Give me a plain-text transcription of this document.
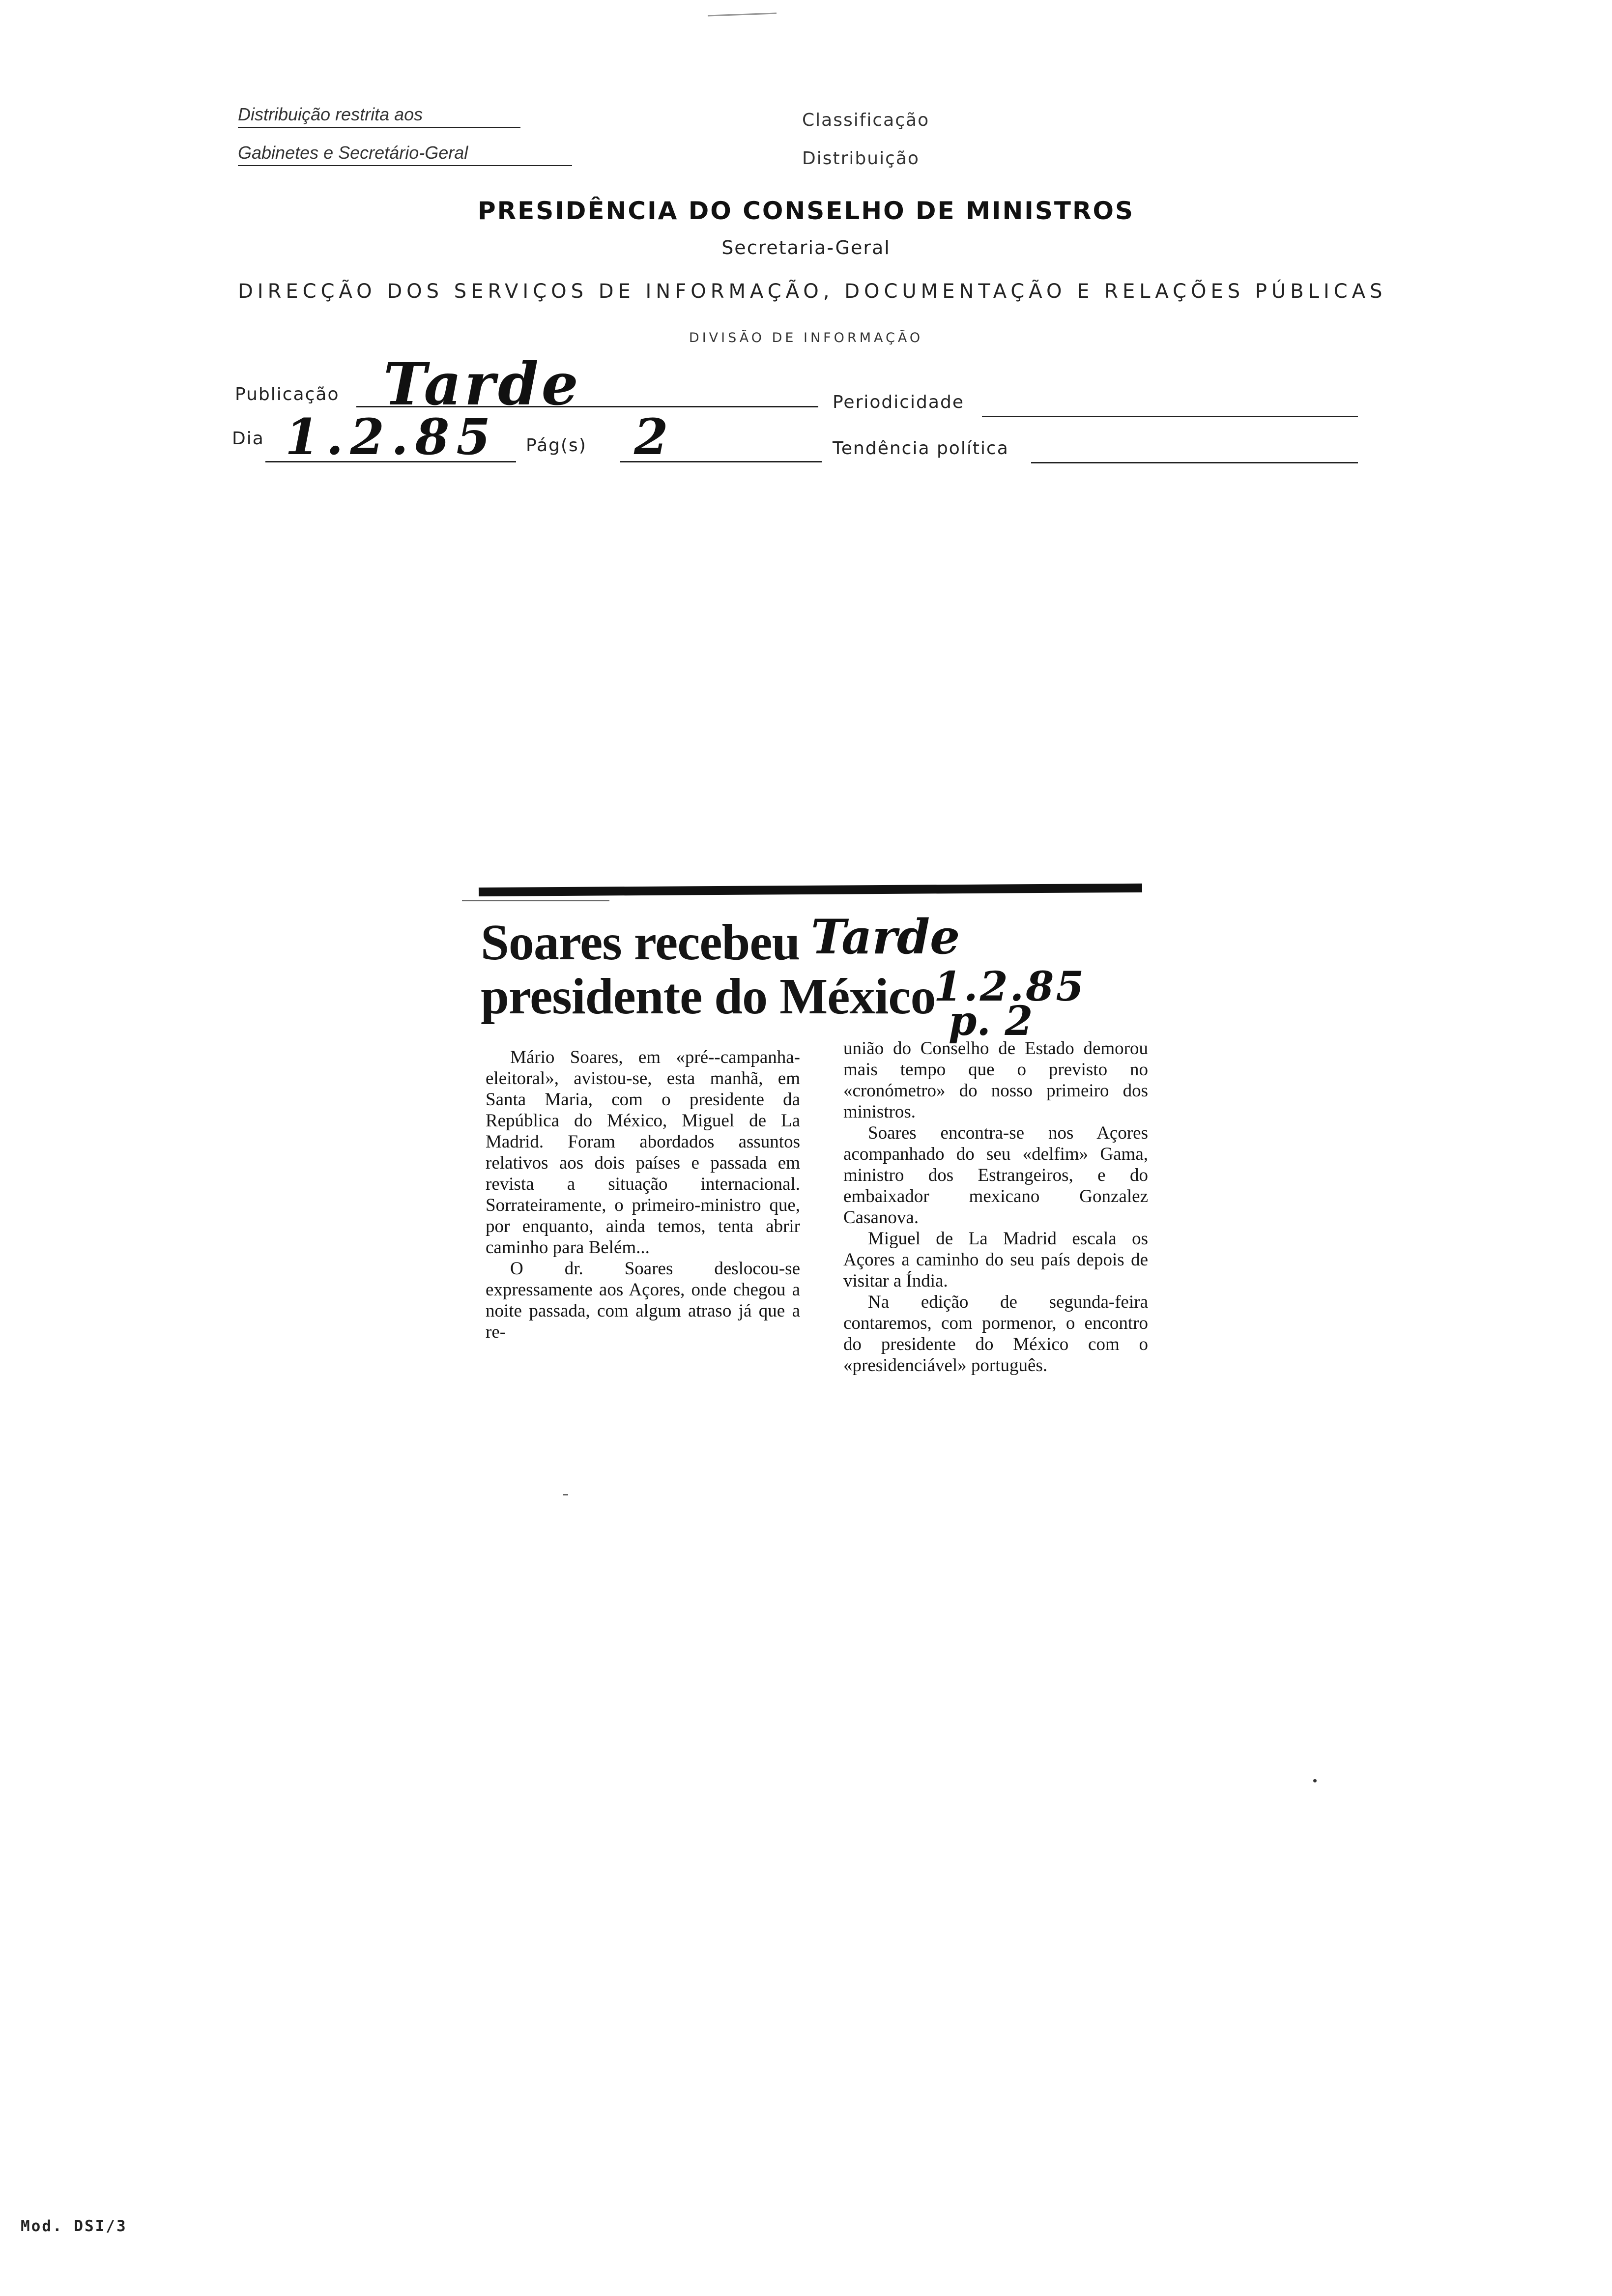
Distribuição restrita aos
Gabinetes e Secretário-Geral
Classificação
Distribuição
PRESIDÊNCIA DO CONSELHO DE MINISTROS
Secretaria-Geral
DIRECÇÃO DOS SERVIÇOS DE INFORMAÇÃO, DOCUMENTAÇÃO E RELAÇÕES PÚBLICAS
DIVISÃO DE INFORMAÇÃO
Publicação Tarde	Periodicidade
Dia 1.2.85 Pág(s) 2	Tendência política
Soares recebeu
presidente do México
Tarde
1.2.85
p. 2

Mário Soares, em «pré--campanha-eleitoral», avistou-se, esta manhã, em Santa Maria, com o presidente da República do México, Miguel de La Madrid. Foram abordados assuntos relativos aos dois países e passada em revista a situação internacional. Sorrateiramente, o primeiro-ministro que, por enquanto, ainda temos, tenta abrir caminho para Belém...

O dr. Soares deslocou-se expressamente aos Açores, onde chegou a noite passada, com algum atraso já que a re-

união do Conselho de Estado demorou mais tempo que o previsto no «cronómetro» do nosso primeiro dos ministros.

Soares encontra-se nos Açores acompanhado do seu «delfim» Gama, ministro dos Estrangeiros, e do embaixador mexicano Gonzalez Casanova.

Miguel de La Madrid escala os Açores a caminho do seu país depois de visitar a Índia.

Na edição de segunda-feira contaremos, com pormenor, o encontro do presidente do México com o «presidenciável» português.

Mod. DSI/3
